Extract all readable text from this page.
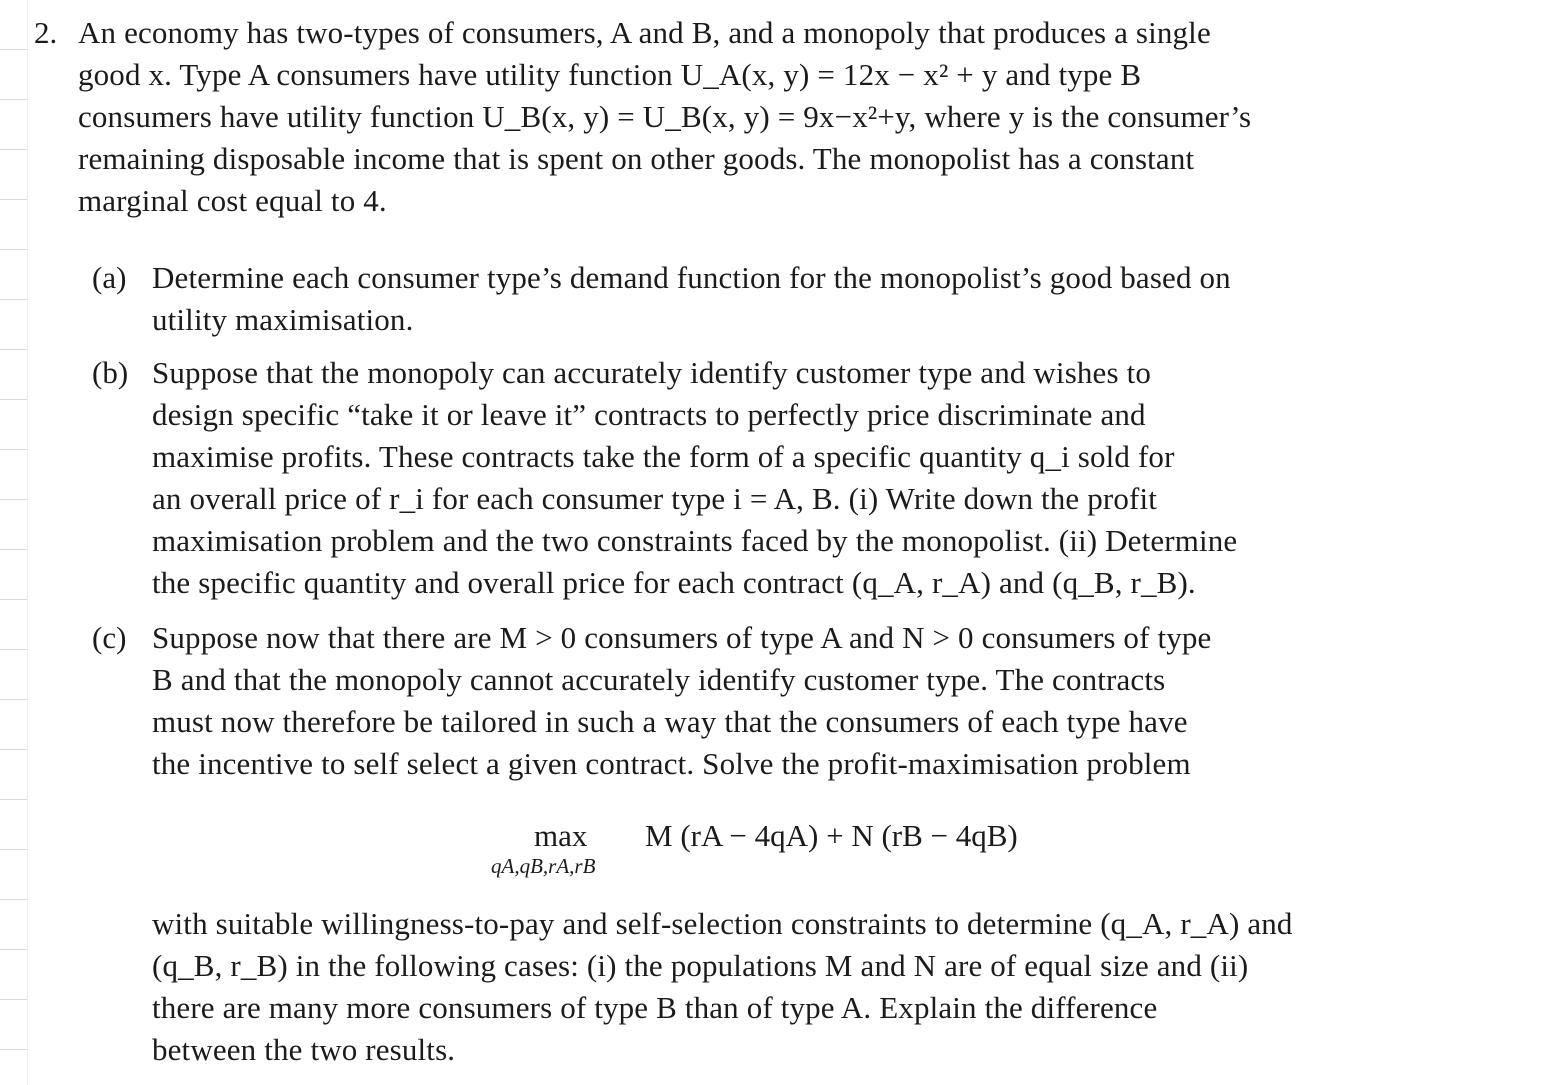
2. An economy has two-types of consumers, A and B, and a monopoly that produces a single
good x. Type A consumers have utility function U_A(x, y) = 12x − x² + y and type B
consumers have utility function U_B(x, y) = U_B(x, y) = 9x−x²+y, where y is the consumer’s
remaining disposable income that is spent on other goods. The monopolist has a constant
marginal cost equal to 4.
(a) Determine each consumer type’s demand function for the monopolist’s good based on
utility maximisation.
(b) Suppose that the monopoly can accurately identify customer type and wishes to
design specific “take it or leave it” contracts to perfectly price discriminate and
maximise profits. These contracts take the form of a specific quantity q_i sold for
an overall price of r_i for each consumer type i = A, B. (i) Write down the profit
maximisation problem and the two constraints faced by the monopolist. (ii) Determine
the specific quantity and overall price for each contract (q_A, r_A) and (q_B, r_B).
(c) Suppose now that there are M > 0 consumers of type A and N > 0 consumers of type
B and that the monopoly cannot accurately identify customer type. The contracts
must now therefore be tailored in such a way that the consumers of each type have
the incentive to self select a given contract. Solve the profit-maximisation problem
max
qA,qB,rA,rB
M (rA − 4qA) + N (rB − 4qB)
with suitable willingness-to-pay and self-selection constraints to determine (q_A, r_A) and
(q_B, r_B) in the following cases: (i) the populations M and N are of equal size and (ii)
there are many more consumers of type B than of type A. Explain the difference
between the two results.
